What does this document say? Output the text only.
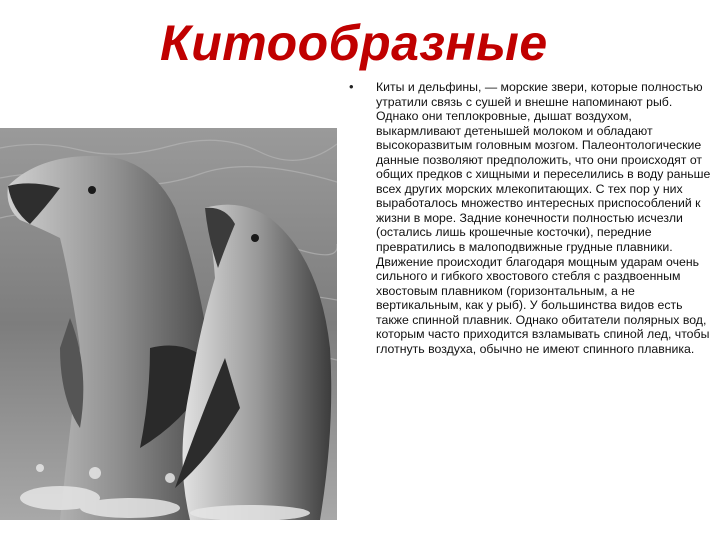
Китообразные
• Киты и дельфины, — морские звери, которые полностью утратили связь с сушей и внешне напоминают рыб. Однако они теплокровные, дышат воздухом, выкармливают детенышей молоком и обладают высокоразвитым головным мозгом. Палеонтологические данные позволяют предположить, что они происходят от общих предков с хищными и переселились в воду раньше всех других морских млекопитающих. С тех пор у них выработалось множество интересных приспособлений к жизни в море. Задние конечности полностью исчезли (остались лишь крошечные косточки), передние превратились в малоподвижные грудные плавники. Движение происходит благодаря мощным ударам очень сильного и гибкого хвостового стебля с раздвоенным хвостовым плавником (горизонтальным, а не вертикальным, как у рыб). У большинства видов есть также спинной плавник. Однако обитатели полярных вод, которым часто приходится взламывать спиной лед, чтобы глотнуть воздуха, обычно не имеют спинного плавника.
